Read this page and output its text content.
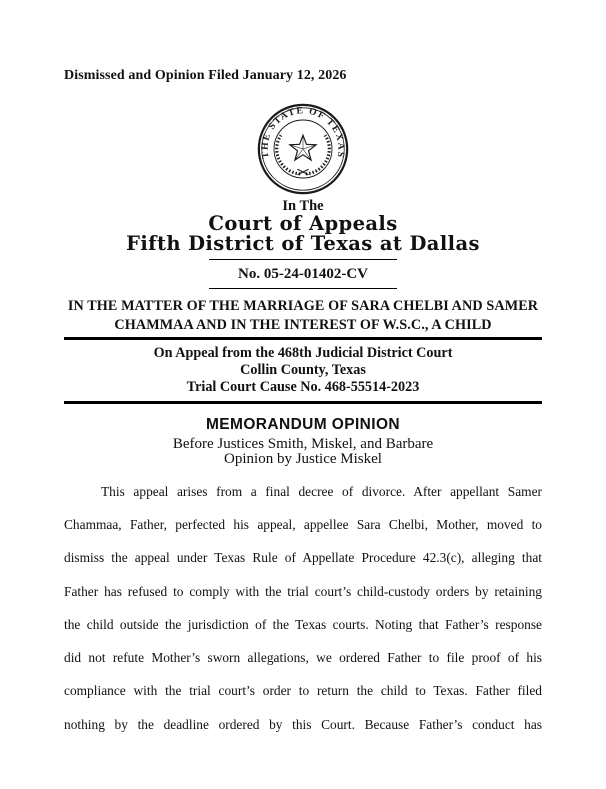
Dismissed and Opinion Filed January 12, 2026
THE STATE OF TEXAS
In The
Court of Appeals
Fifth District of Texas at Dallas
No. 05-24-01402-CV
IN THE MATTER OF THE MARRIAGE OF SARA CHELBI AND SAMER
CHAMMAA AND IN THE INTEREST OF W.S.C., A CHILD
On Appeal from the 468th Judicial District Court
Collin County, Texas
Trial Court Cause No. 468-55514-2023
MEMORANDUM OPINION
Before Justices Smith, Miskel, and Barbare
Opinion by Justice Miskel
This appeal arises from a final decree of divorce. After appellant Samer
Chammaa, Father, perfected his appeal, appellee Sara Chelbi, Mother, moved to
dismiss the appeal under Texas Rule of Appellate Procedure 42.3(c), alleging that
Father has refused to comply with the trial court’s child-custody orders by retaining
the child outside the jurisdiction of the Texas courts. Noting that Father’s response
did not refute Mother’s sworn allegations, we ordered Father to file proof of his
compliance with the trial court’s order to return the child to Texas. Father filed
nothing by the deadline ordered by this Court. Because Father’s conduct has
